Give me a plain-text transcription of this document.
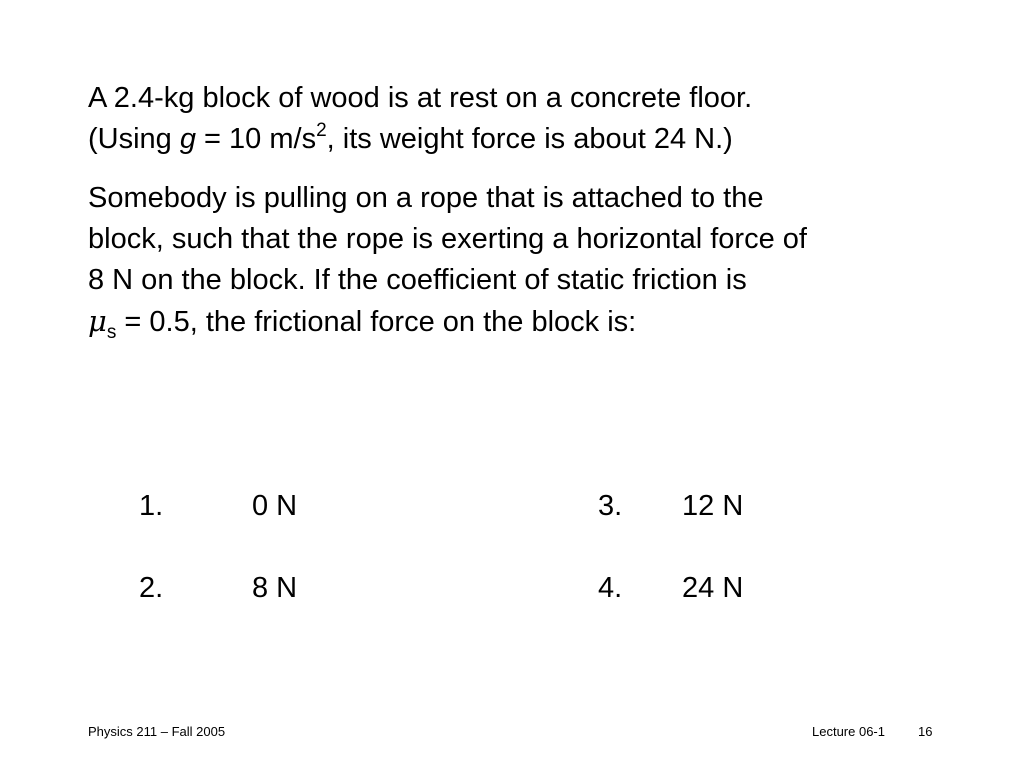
A 2.4-kg block of wood is at rest on a concrete floor.
(Using g = 10 $m/s^2$, its weight force is about 24 N.)
Somebody is pulling on a rope that is attached to the
block, such that the rope is exerting a horizontal force of
8 N on the block. If the coefficient of static friction is
$\mu_s = 0.5$, the frictional force on the block is:
1.	0 N
2.	8 N
3. 12 N
4. 24 N
Physics 211 – Fall 2005	Lecture 06-1	16
